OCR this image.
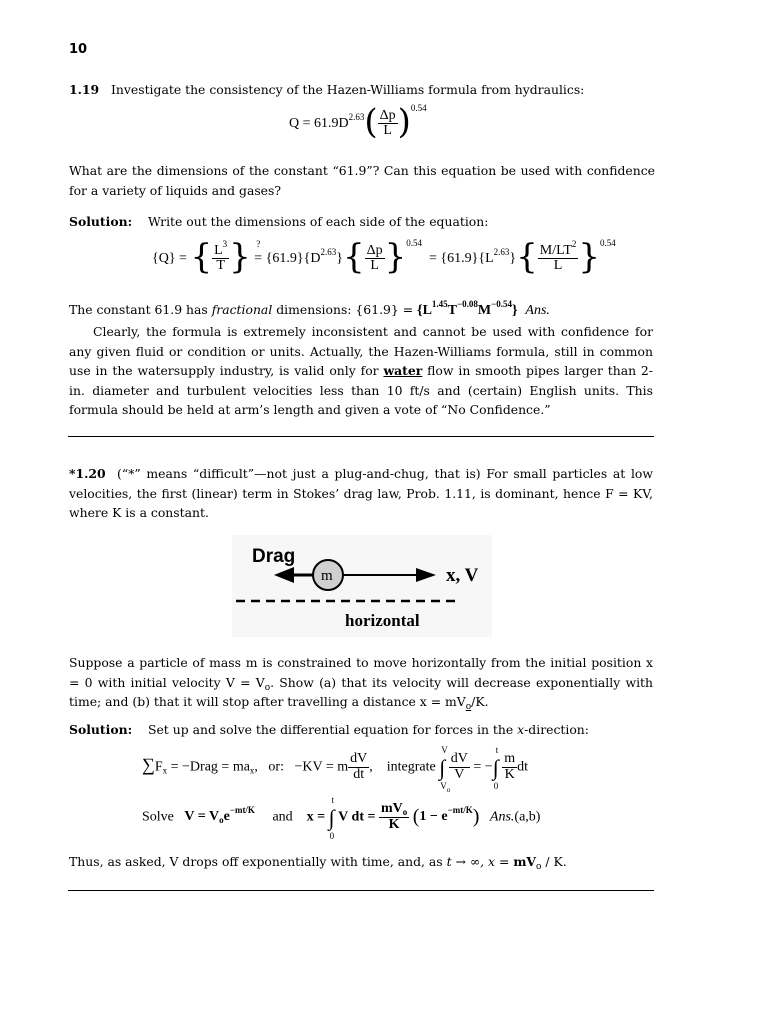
10
1.19 Investigate the consistency of the Hazen-Williams formula from hydraulics:
$Q = 61.9D^{2.63}( \frac{\Delta p}{L} )^{0.54}$
What are the dimensions of the constant “61.9”? Can this equation be used with confidence for a variety of liquids and gases?
Solution: Write out the dimensions of each side of the equation:
{Q} = { $\frac{L^3}{T}$ } ?
= $\{61.9\}\{D^{2.63}\}\{ \frac{\Delta p}{L} \}^{0.54} = \{61.9\}\{L^{2.63}\}\{ \frac{M/LT^2}{L} \}^{0.54}$
The constant 61.9 has fractional dimensions: $\{61.9\} = \{L^{1.45}T^{-0.08}M^{-0.54}\}$ Ans.
Clearly, the formula is extremely inconsistent and cannot be used with confidence for any given fluid or condition or units. Actually, the Hazen-Williams formula, still in common use in the watersupply industry, is valid only for water flow in smooth pipes larger than 2-in. diameter and turbulent velocities less than 10 ft/s and (certain) English units. This formula should be held at arm’s length and given a vote of “No Confidence.”
*1.20 (“*” means “difficult”—not just a plug-and-chug, that is) For small particles at low velocities, the first (linear) term in Stokes’ drag law, Prob. 1.11, is dominant, hence F = KV, where K is a constant.
Drag
m	x, V
horizontal
Suppose a particle of mass m is constrained to move horizontally from the initial position x = 0 with initial velocity $V = V_o$. Show (a) that its velocity will decrease exponentially with time; and (b) that it will stop after travelling a distance $x = mV_o/K$.
Solution: Set up and solve the differential equation for forces in the x-direction:
$\sum F_x$ = −Drag = $ma_x$,   or:   −KV = m $\frac{dV}{dt}$ ,    integrate ∫
V
$V_o$

$\frac{dV}{V}$ = −∫
t
0

$\frac{m}{K}$ dt
Solve $V = V_oe^{-mt/K}$ and x = ∫
t
0
V dt = $\frac{mV_o}{K} (1 - e^{-mt/K})$ Ans.(a,b)
Thus, as asked, V drops off exponentially with time, and, as t → ∞, $x = mV_o / K$.
